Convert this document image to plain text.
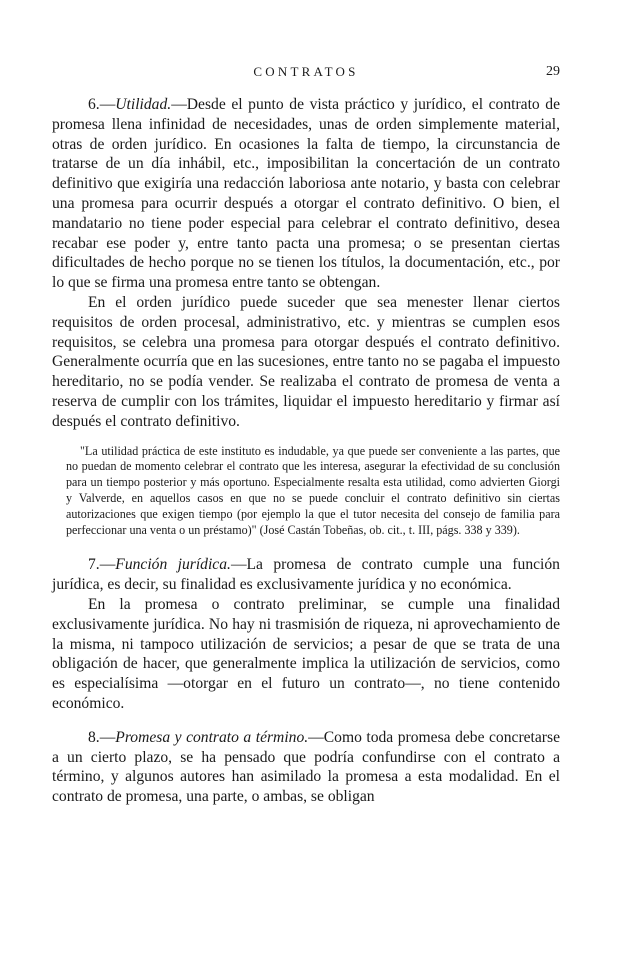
CONTRATOS	29

6.—Utilidad.—Desde el punto de vista práctico y jurídico, el contrato de promesa llena infinidad de necesidades, unas de orden simplemente material, otras de orden jurídico. En ocasiones la falta de tiempo, la circunstancia de tratarse de un día inhábil, etc., imposibilitan la concertación de un contrato definitivo que exigiría una redacción laboriosa ante notario, y basta con celebrar una promesa para ocurrir después a otorgar el contrato definitivo. O bien, el mandatario no tiene poder especial para celebrar el contrato definitivo, desea recabar ese poder y, entre tanto pacta una promesa; o se presentan ciertas dificultades de hecho porque no se tienen los títulos, la documentación, etc., por lo que se firma una promesa entre tanto se obtengan.

En el orden jurídico puede suceder que sea menester llenar ciertos requisitos de orden procesal, administrativo, etc. y mientras se cumplen esos requisitos, se celebra una promesa para otorgar después el contrato definitivo. Generalmente ocurría que en las sucesiones, entre tanto no se pagaba el impuesto hereditario, no se podía vender. Se realizaba el contrato de promesa de venta a reserva de cumplir con los trámites, liquidar el impuesto hereditario y firmar así después el contrato definitivo.

"La utilidad práctica de este instituto es indudable, ya que puede ser conveniente a las partes, que no puedan de momento celebrar el contrato que les interesa, asegurar la efectividad de su conclusión para un tiempo posterior y más oportuno. Especialmente resalta esta utilidad, como advierten Giorgi y Valverde, en aquellos casos en que no se puede concluir el contrato definitivo sin ciertas autorizaciones que exigen tiempo (por ejemplo la que el tutor necesita del consejo de familia para perfeccionar una venta o un préstamo)" (José Castán Tobeñas, ob. cit., t. III, págs. 338 y 339).

7.—Función jurídica.—La promesa de contrato cumple una función jurídica, es decir, su finalidad es exclusivamente jurídica y no económica.

En la promesa o contrato preliminar, se cumple una finalidad exclusivamente jurídica. No hay ni trasmisión de riqueza, ni aprovechamiento de la misma, ni tampoco utilización de servicios; a pesar de que se trata de una obligación de hacer, que generalmente implica la utilización de servicios, como es especialísima —otorgar en el futuro un contrato—, no tiene contenido económico.

8.—Promesa y contrato a término.—Como toda promesa debe concretarse a un cierto plazo, se ha pensado que podría confundirse con el contrato a término, y algunos autores han asimilado la promesa a esta modalidad. En el contrato de promesa, una parte, o ambas, se obligan
